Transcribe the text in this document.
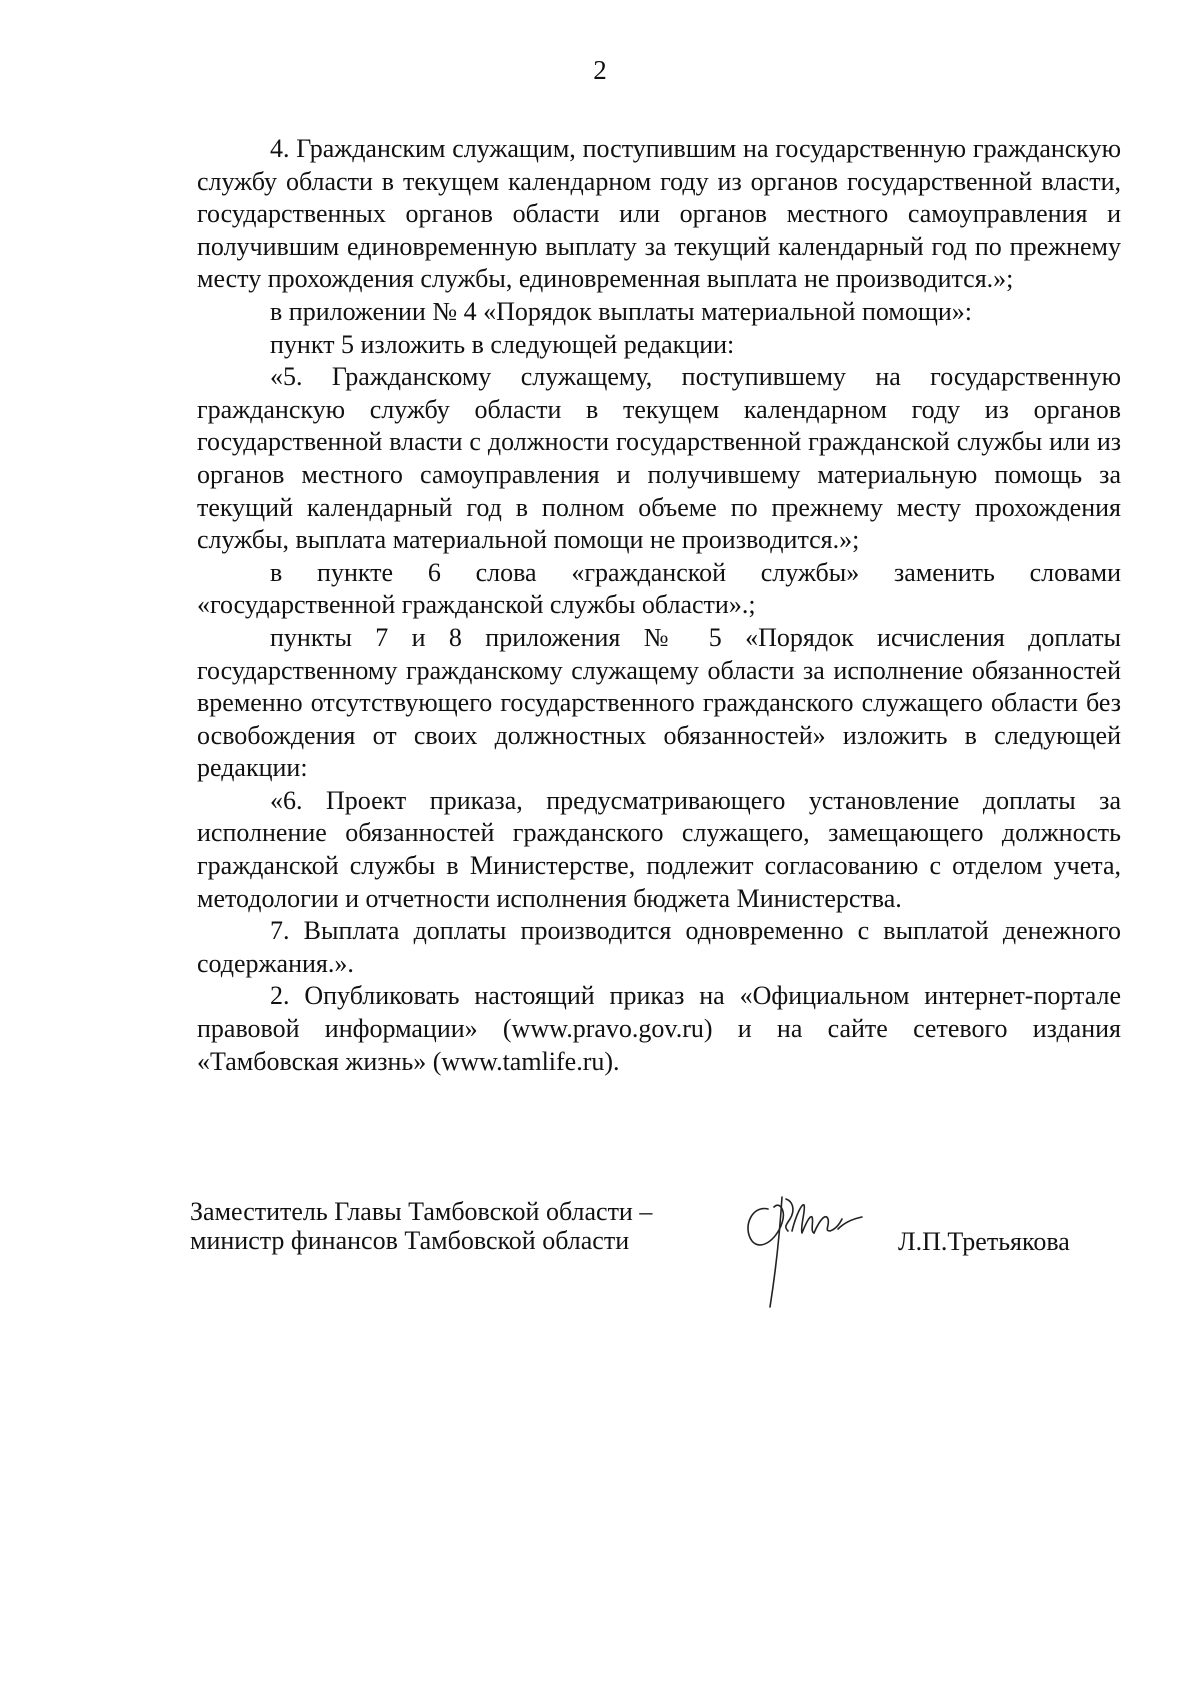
2

4. Гражданским служащим, поступившим на государственную гражданскую службу области в текущем календарном году из органов государственной власти, государственных органов области или органов местного самоуправления и получившим единовременную выплату за текущий календарный год по прежнему месту прохождения службы, единовременная выплата не производится.»;

в приложении № 4 «Порядок выплаты материальной помощи»:

пункт 5 изложить в следующей редакции:

«5. Гражданскому служащему, поступившему на государственную гражданскую службу области в текущем календарном году из органов государственной власти с должности государственной гражданской службы или из органов местного самоуправления и получившему материальную помощь за текущий календарный год в полном объеме по прежнему месту прохождения службы, выплата материальной помощи не производится.»;

в пункте 6 слова «гражданской службы» заменить словами «государственной гражданской службы области».;

пункты 7 и 8 приложения № 5 «Порядок исчисления доплаты государственному гражданскому служащему области за исполнение обязанностей временно отсутствующего государственного гражданского служащего области без освобождения от своих должностных обязанностей» изложить в следующей редакции:

«6. Проект приказа, предусматривающего установление доплаты за исполнение обязанностей гражданского служащего, замещающего должность гражданской службы в Министерстве, подлежит согласованию с отделом учета, методологии и отчетности исполнения бюджета Министерства.

7. Выплата доплаты производится одновременно с выплатой денежного содержания.».

2. Опубликовать настоящий приказ на «Официальном интернет-портале правовой информации» (www.pravo.gov.ru) и на сайте сетевого издания «Тамбовская жизнь» (www.tamlife.ru).

Заместитель Главы Тамбовской области –
министр финансов Тамбовской области	Л.П.Третьякова
